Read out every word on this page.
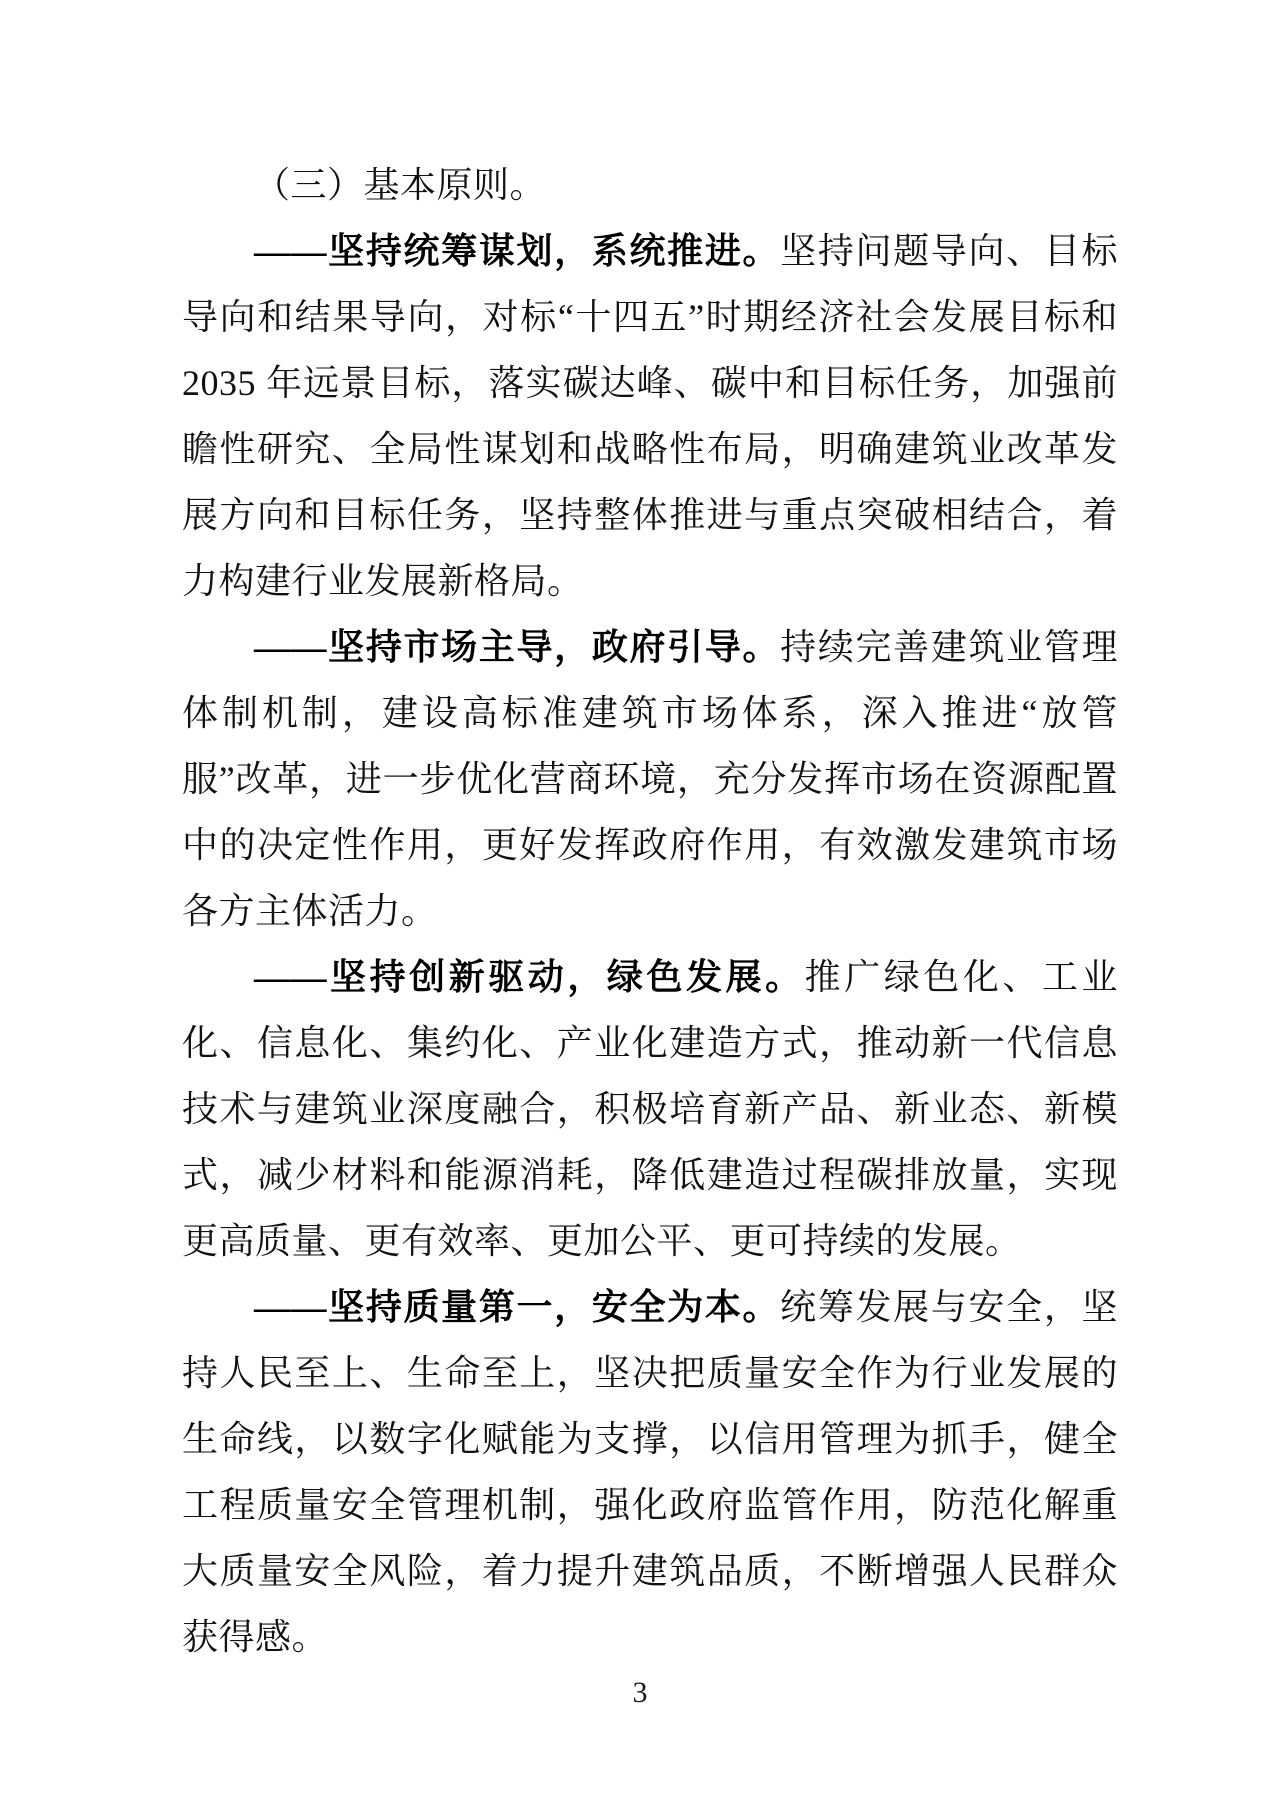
（三）基本原则。

——坚持统筹谋划，系统推进。坚持问题导向、目标导向和结果导向，对标“十四五”时期经济社会发展目标和 2035 年远景目标，落实碳达峰、碳中和目标任务，加强前瞻性研究、全局性谋划和战略性布局，明确建筑业改革发展方向和目标任务，坚持整体推进与重点突破相结合，着力构建行业发展新格局。

——坚持市场主导，政府引导。持续完善建筑业管理体制机制，建设高标准建筑市场体系，深入推进“放管服”改革，进一步优化营商环境，充分发挥市场在资源配置中的决定性作用，更好发挥政府作用，有效激发建筑市场各方主体活力。

——坚持创新驱动，绿色发展。推广绿色化、工业化、信息化、集约化、产业化建造方式，推动新一代信息技术与建筑业深度融合，积极培育新产品、新业态、新模式，减少材料和能源消耗，降低建造过程碳排放量，实现更高质量、更有效率、更加公平、更可持续的发展。

——坚持质量第一，安全为本。统筹发展与安全，坚持人民至上、生命至上，坚决把质量安全作为行业发展的生命线，以数字化赋能为支撑，以信用管理为抓手，健全工程质量安全管理机制，强化政府监管作用，防范化解重大质量安全风险，着力提升建筑品质，不断增强人民群众获得感。

3
